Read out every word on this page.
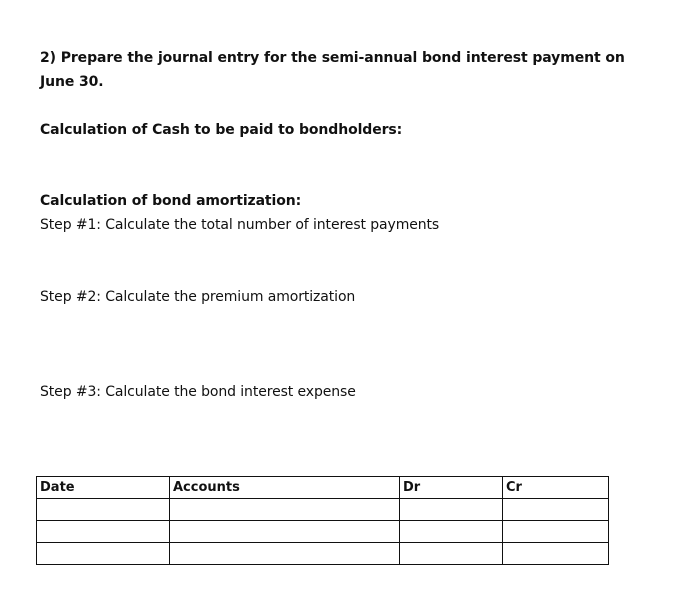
2) Prepare the journal entry for the semi-annual bond interest payment on

June 30.

Calculation of Cash to be paid to bondholders:

Calculation of bond amortization:

Step #1: Calculate the total number of interest payments

Step #2: Calculate the premium amortization

Step #3: Calculate the bond interest expense

Date	Accounts	Dr	Cr
